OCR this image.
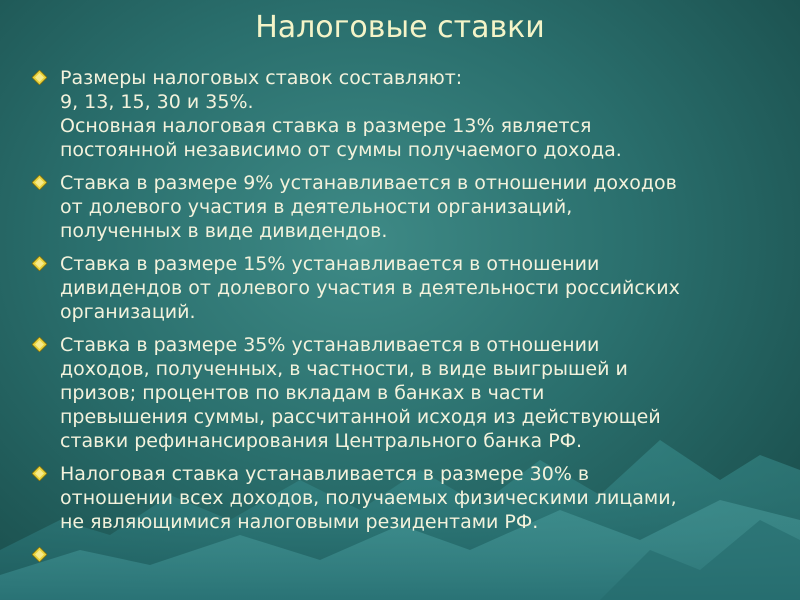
Налоговые ставки
Размеры налоговых ставок составляют:
9, 13, 15, 30 и 35%.
Основная налоговая ставка в размере 13% является
постоянной независимо от суммы получаемого дохода.
Ставка в размере 9% устанавливается в отношении доходов
от долевого участия в деятельности организаций,
полученных в виде дивидендов.
Ставка в размере 15% устанавливается в отношении
дивидендов от долевого участия в деятельности российских
организаций.
Ставка в размере 35% устанавливается в отношении
доходов, полученных, в частности, в виде выигрышей и
призов; процентов по вкладам в банках в части
превышения суммы, рассчитанной исходя из действующей
ставки рефинансирования Центрального банка РФ.
Налоговая ставка устанавливается в размере 30% в
отношении всех доходов, получаемых физическими лицами,
не являющимися налоговыми резидентами РФ.
